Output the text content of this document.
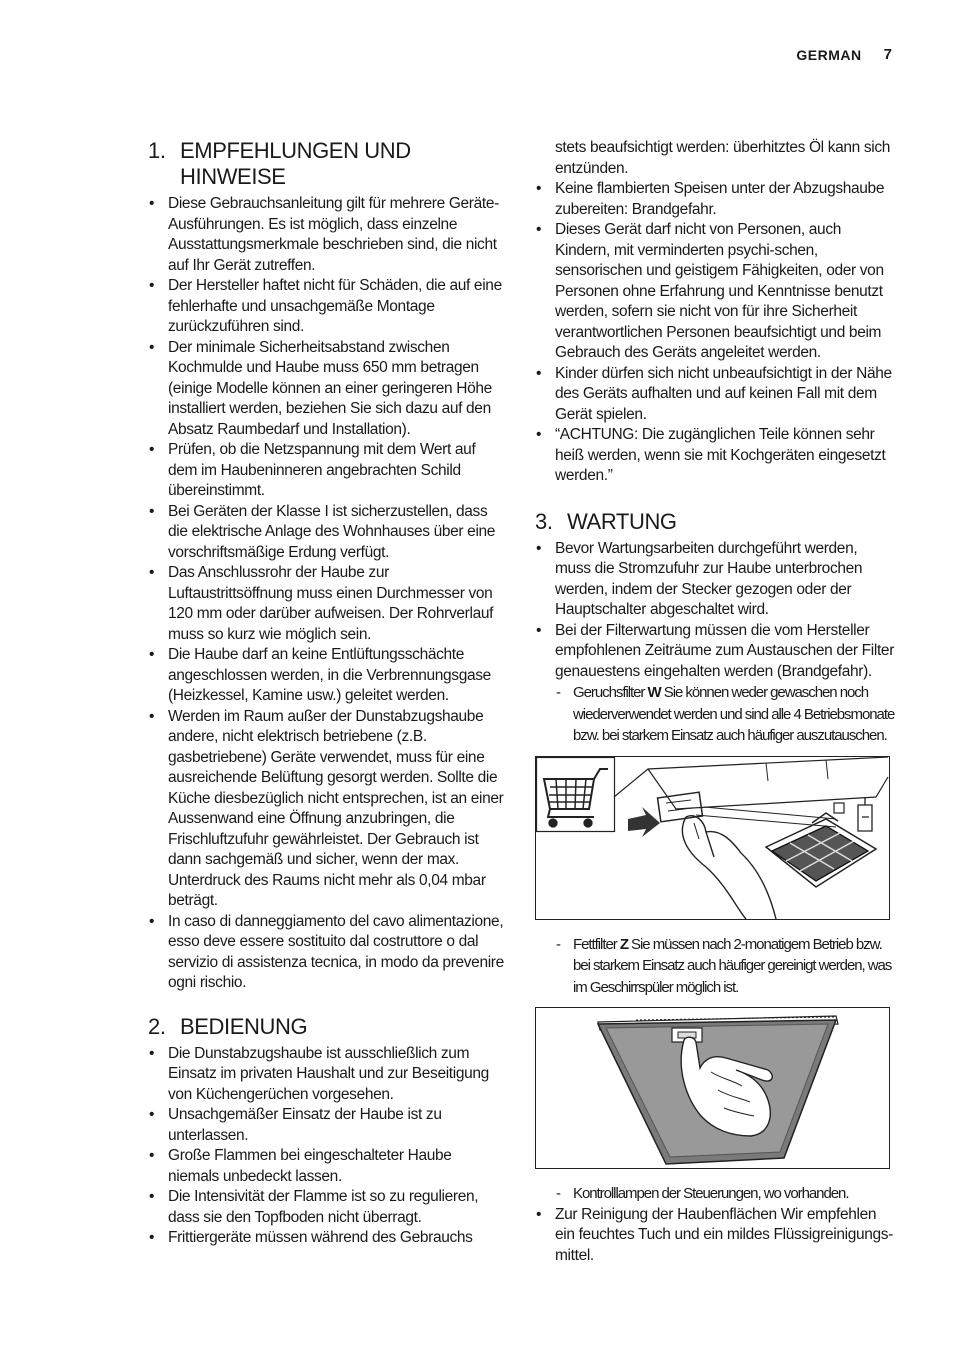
GERMAN 7
1. EMPFEHLUNGEN UND HINWEISE
• Diese Gebrauchsanleitung gilt für mehrere Geräte-Ausführungen. Es ist möglich, dass einzelne Ausstattungsmerkmale beschrieben sind, die nicht auf Ihr Gerät zutreffen.
• Der Hersteller haftet nicht für Schäden, die auf eine fehlerhafte und unsachgemäße Montage zurückzuführen sind.
• Der minimale Sicherheitsabstand zwischen Kochmulde und Haube muss 650 mm betragen (einige Modelle können an einer geringeren Höhe installiert werden, beziehen Sie sich dazu auf den Absatz Raumbedarf und Installation).
• Prüfen, ob die Netzspannung mit dem Wert auf dem im Haubeninneren angebrachten Schild übereinstimmt.
• Bei Geräten der Klasse I ist sicherzustellen, dass die elektrische Anlage des Wohnhauses über eine vorschriftsmäßige Erdung verfügt.
• Das Anschlussrohr der Haube zur Luftaustrittsöffnung muss einen Durchmesser von 120 mm oder darüber aufweisen. Der Rohrverlauf muss so kurz wie möglich sein.
• Die Haube darf an keine Entlüftungsschächte angeschlossen werden, in die Verbrennungsgase (Heizkessel, Kamine usw.) geleitet werden.
• Werden im Raum außer der Dunstabzugshaube andere, nicht elektrisch betriebene (z.B. gasbetriebene) Geräte verwendet, muss für eine ausreichende Belüftung gesorgt werden. Sollte die Küche diesbezüglich nicht entsprechen, ist an einer Aussenwand eine Öffnung anzubringen, die Frischluftzufuhr gewährleistet. Der Gebrauch ist dann sachgemäß und sicher, wenn der max. Unterdruck des Raums nicht mehr als 0,04 mbar beträgt.
• In caso di danneggiamento del cavo alimentazione, esso deve essere sostituito dal costruttore o dal servizio di assistenza tecnica, in modo da prevenire ogni rischio.
2. BEDIENUNG
• Die Dunstabzugshaube ist ausschließlich zum Einsatz im privaten Haushalt und zur Beseitigung von Küchengerüchen vorgesehen.
• Unsachgemäßer Einsatz der Haube ist zu unterlassen.
• Große Flammen bei eingeschalteter Haube niemals unbedeckt lassen.
• Die Intensivität der Flamme ist so zu regulieren, dass sie den Topfboden nicht überragt.
• Frittiergeräte müssen während des Gebrauchs
stets beaufsichtigt werden: überhitztes Öl kann sich entzünden.
• Keine flambierten Speisen unter der Abzugshaube zubereiten: Brandgefahr.
• Dieses Gerät darf nicht von Personen, auch Kindern, mit verminderten psychi-schen, sensorischen und geistigem Fähigkeiten, oder von Personen ohne Erfahrung und Kenntnisse benutzt werden, sofern sie nicht von für ihre Sicherheit verantwortlichen Personen beaufsichtigt und beim Gebrauch des Geräts angeleitet werden.
• Kinder dürfen sich nicht unbeaufsichtigt in der Nähe des Geräts aufhalten und auf keinen Fall mit dem Gerät spielen.
• “ACHTUNG: Die zugänglichen Teile können sehr heiß werden, wenn sie mit Kochgeräten eingesetzt werden.”
3. WARTUNG
• Bevor Wartungsarbeiten durchgeführt werden, muss die Stromzufuhr zur Haube unterbrochen werden, indem der Stecker gezogen oder der Hauptschalter abgeschaltet wird.
• Bei der Filterwartung müssen die vom Hersteller empfohlenen Zeiträume zum Austauschen der Filter genauestens eingehalten werden (Brandgefahr).
- Geruchsfilter W Sie können weder gewaschen noch wiederverwendet werden und sind alle 4 Betriebsmonate bzw. bei starkem Einsatz auch häufiger auszutauschen.
- Fettfilter Z Sie müssen nach 2-monatigem Betrieb bzw. bei starkem Einsatz auch häufiger gereinigt werden, was im Geschirrspüler möglich ist.
- Kontrolllampen der Steuerungen, wo vorhanden.
• Zur Reinigung der Haubenflächen Wir empfehlen ein feuchtes Tuch und ein mildes Flüssigreinigungs-mittel.
